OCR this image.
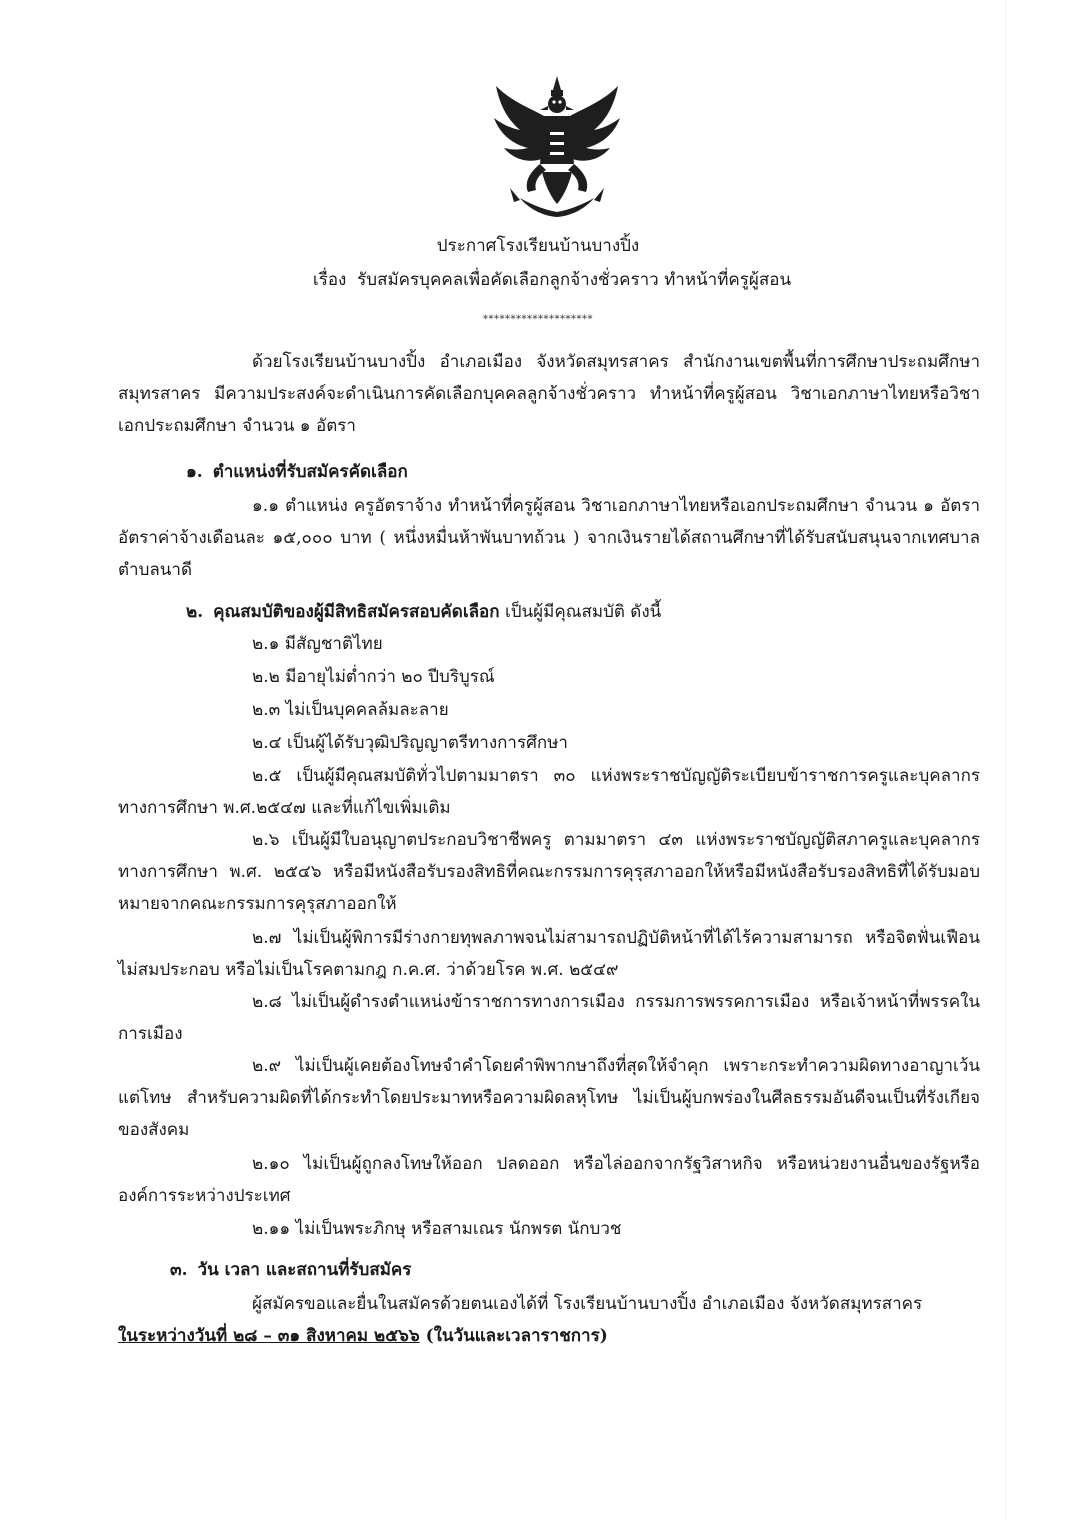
ประกาศโรงเรียนบ้านบางปิ้ง
เรื่อง รับสมัครบุคคลเพื่อคัดเลือกลูกจ้างชั่วคราว ทำหน้าที่ครูผู้สอน
********************
ด้วยโรงเรียนบ้านบางปิ้ง อำเภอเมือง จังหวัดสมุทรสาคร สำนักงานเขตพื้นที่การศึกษาประถมศึกษาสมุทรสาคร มีความประสงค์จะดำเนินการคัดเลือกบุคคลลูกจ้างชั่วคราว ทำหน้าที่ครูผู้สอน วิชาเอกภาษาไทยหรือวิชาเอกประถมศึกษา จำนวน ๑ อัตรา
๑. ตำแหน่งที่รับสมัครคัดเลือก
๑.๑ ตำแหน่ง ครูอัตราจ้าง ทำหน้าที่ครูผู้สอน วิชาเอกภาษาไทยหรือเอกประถมศึกษา จำนวน ๑ อัตรา อัตราค่าจ้างเดือนละ ๑๕,๐๐๐ บาท ( หนึ่งหมื่นห้าพันบาทถ้วน ) จากเงินรายได้สถานศึกษาที่ได้รับสนับสนุนจากเทศบาลตำบลนาดี
๒. คุณสมบัติของผู้มีสิทธิสมัครสอบคัดเลือก เป็นผู้มีคุณสมบัติ ดังนี้
๒.๑ มีสัญชาติไทย
๒.๒ มีอายุไม่ต่ำกว่า ๒๐ ปีบริบูรณ์
๒.๓ ไม่เป็นบุคคลล้มละลาย
๒.๔ เป็นผู้ได้รับวุฒิปริญญาตรีทางการศึกษา
๒.๕ เป็นผู้มีคุณสมบัติทั่วไปตามมาตรา ๓๐ แห่งพระราชบัญญัติระเบียบข้าราชการครูและบุคลากรทางการศึกษา พ.ศ.๒๕๔๗ และที่แก้ไขเพิ่มเติม
๒.๖ เป็นผู้มีใบอนุญาตประกอบวิชาชีพครู ตามมาตรา ๔๓ แห่งพระราชบัญญัติสภาครูและบุคลากรทางการศึกษา พ.ศ. ๒๕๔๖ หรือมีหนังสือรับรองสิทธิที่คณะกรรมการคุรุสภาออกให้หรือมีหนังสือรับรองสิทธิที่ได้รับมอบหมายจากคณะกรรมการคุรุสภาออกให้
๒.๗ ไม่เป็นผู้พิการมีร่างกายทุพลภาพจนไม่สามารถปฏิบัติหน้าที่ได้ไร้ความสามารถ หรือจิตฟั่นเฟือนไม่สมประกอบ หรือไม่เป็นโรคตามกฎ ก.ค.ศ. ว่าด้วยโรค พ.ศ. ๒๕๔๙
๒.๘ ไม่เป็นผู้ดำรงตำแหน่งข้าราชการทางการเมือง กรรมการพรรคการเมือง หรือเจ้าหน้าที่พรรคในการเมือง
๒.๙ ไม่เป็นผู้เคยต้องโทษจำคำโดยคำพิพากษาถึงที่สุดให้จำคุก เพราะกระทำความผิดทางอาญาเว้นแต่โทษ สำหรับความผิดที่ได้กระทำโดยประมาทหรือความผิดลหุโทษ ไม่เป็นผู้บกพร่องในศีลธรรมอันดีจนเป็นที่รังเกียจของสังคม
๒.๑๐ ไม่เป็นผู้ถูกลงโทษให้ออก ปลดออก หรือไล่ออกจากรัฐวิสาหกิจ หรือหน่วยงานอื่นของรัฐหรือองค์การระหว่างประเทศ
๒.๑๑ ไม่เป็นพระภิกษุ หรือสามเณร นักพรต นักบวช
๓. วัน เวลา และสถานที่รับสมัคร
ผู้สมัครขอและยื่นในสมัครด้วยตนเองได้ที่ โรงเรียนบ้านบางปิ้ง อำเภอเมือง จังหวัดสมุทรสาคร
ในระหว่างวันที่ ๒๘ – ๓๑ สิงหาคม ๒๕๖๖ (ในวันและเวลาราชการ)
